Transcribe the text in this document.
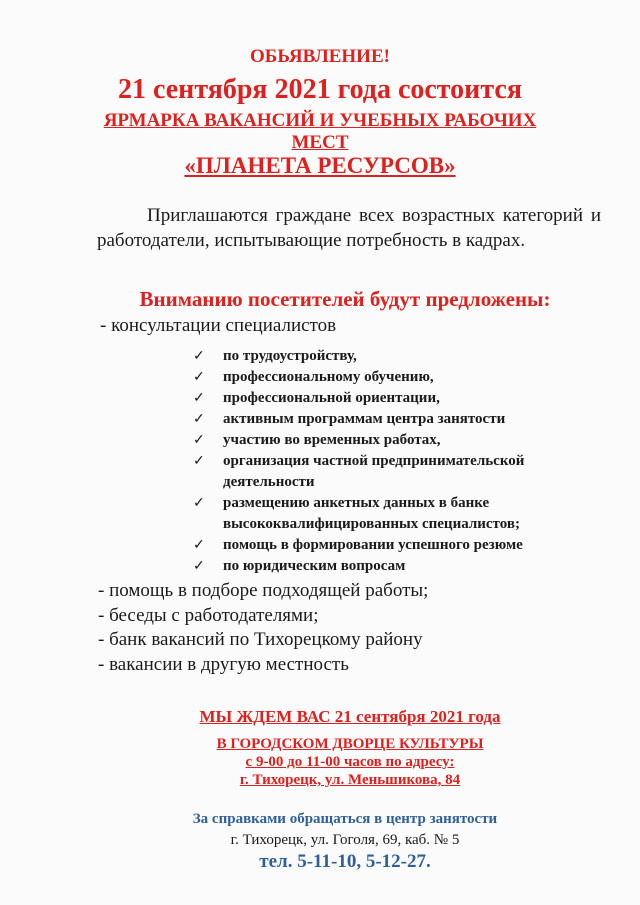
ОБЬЯВЛЕНИЕ!
21 сентября 2021 года состоится
ЯРМАРКА ВАКАНСИЙ И УЧЕБНЫХ РАБОЧИХ
МЕСТ
«ПЛАНЕТА РЕСУРСОВ»
Приглашаются граждане всех возрастных категорий и работодатели, испытывающие потребность в кадрах.
Вниманию посетителей будут предложены:
- консультации специалистов
✓ по трудоустройству,
✓ профессиональному обучению,
✓ профессиональной ориентации,
✓ активным программам центра занятости
✓ участию во временных работах,
✓ организация частной предпринимательской деятельности
✓ размещению анкетных данных в банке высококвалифицированных специалистов;
✓ помощь в формировании успешного резюме
✓ по юридическим вопросам
- помощь в подборе подходящей работы;
- беседы с работодателями;
- банк вакансий по Тихорецкому району
- вакансии в другую местность
МЫ ЖДЕМ ВАС 21 сентября 2021 года
В ГОРОДСКОМ ДВОРЦЕ КУЛЬТУРЫ
с 9-00 до 11-00 часов по адресу:
г. Тихорецк, ул. Меньшикова, 84
За справками обращаться в центр занятости
г. Тихорецк, ул. Гоголя, 69, каб. № 5
тел. 5-11-10, 5-12-27.
